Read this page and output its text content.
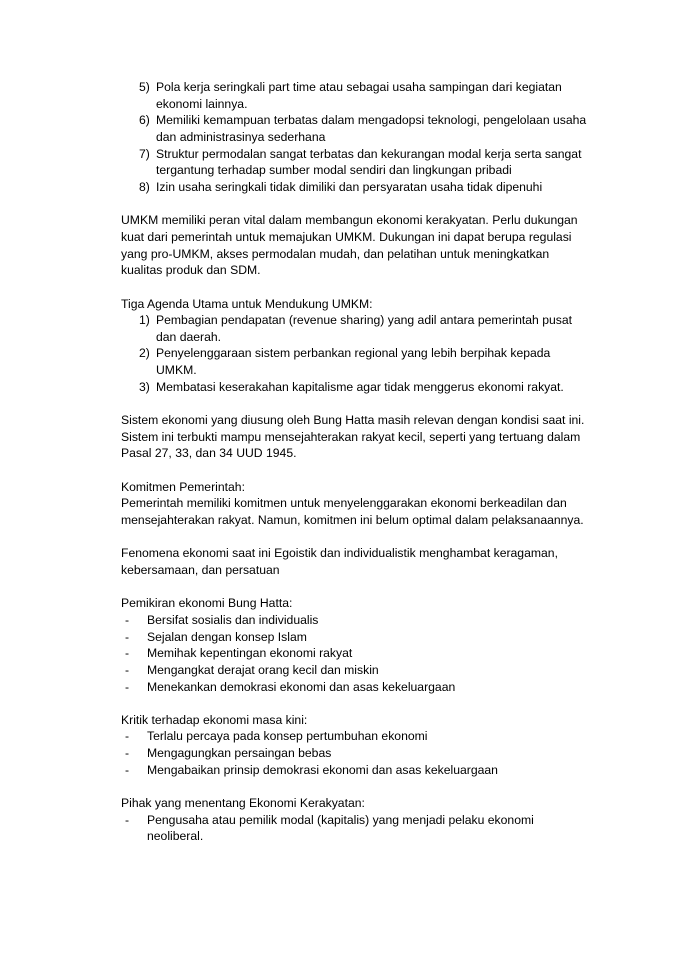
5) Pola kerja seringkali part time atau sebagai usaha sampingan dari kegiatan ekonomi lainnya.
6) Memiliki kemampuan terbatas dalam mengadopsi teknologi, pengelolaan usaha dan administrasinya sederhana
7) Struktur permodalan sangat terbatas dan kekurangan modal kerja serta sangat tergantung terhadap sumber modal sendiri dan lingkungan pribadi
8) Izin usaha seringkali tidak dimiliki dan persyaratan usaha tidak dipenuhi

UMKM memiliki peran vital dalam membangun ekonomi kerakyatan. Perlu dukungan kuat dari pemerintah untuk memajukan UMKM. Dukungan ini dapat berupa regulasi yang pro-UMKM, akses permodalan mudah, dan pelatihan untuk meningkatkan kualitas produk dan SDM.

Tiga Agenda Utama untuk Mendukung UMKM:
1) Pembagian pendapatan (revenue sharing) yang adil antara pemerintah pusat dan daerah.
2) Penyelenggaraan sistem perbankan regional yang lebih berpihak kepada UMKM.
3) Membatasi keserakahan kapitalisme agar tidak menggerus ekonomi rakyat.

Sistem ekonomi yang diusung oleh Bung Hatta masih relevan dengan kondisi saat ini. Sistem ini terbukti mampu mensejahterakan rakyat kecil, seperti yang tertuang dalam Pasal 27, 33, dan 34 UUD 1945.

Komitmen Pemerintah:

Pemerintah memiliki komitmen untuk menyelenggarakan ekonomi berkeadilan dan mensejahterakan rakyat. Namun, komitmen ini belum optimal dalam pelaksanaannya.

Fenomena ekonomi saat ini Egoistik dan individualistik menghambat keragaman, kebersamaan, dan persatuan

Pemikiran ekonomi Bung Hatta:
-	Bersifat sosialis dan individualis
-	Sejalan dengan konsep Islam
-	Memihak kepentingan ekonomi rakyat
-	Mengangkat derajat orang kecil dan miskin
-	Menekankan demokrasi ekonomi dan asas kekeluargaan
Kritik terhadap ekonomi masa kini:
-	Terlalu percaya pada konsep pertumbuhan ekonomi
-	Mengagungkan persaingan bebas
-	Mengabaikan prinsip demokrasi ekonomi dan asas kekeluargaan
Pihak yang menentang Ekonomi Kerakyatan:
-	Pengusaha atau pemilik modal (kapitalis) yang menjadi pelaku ekonomi neoliberal.
